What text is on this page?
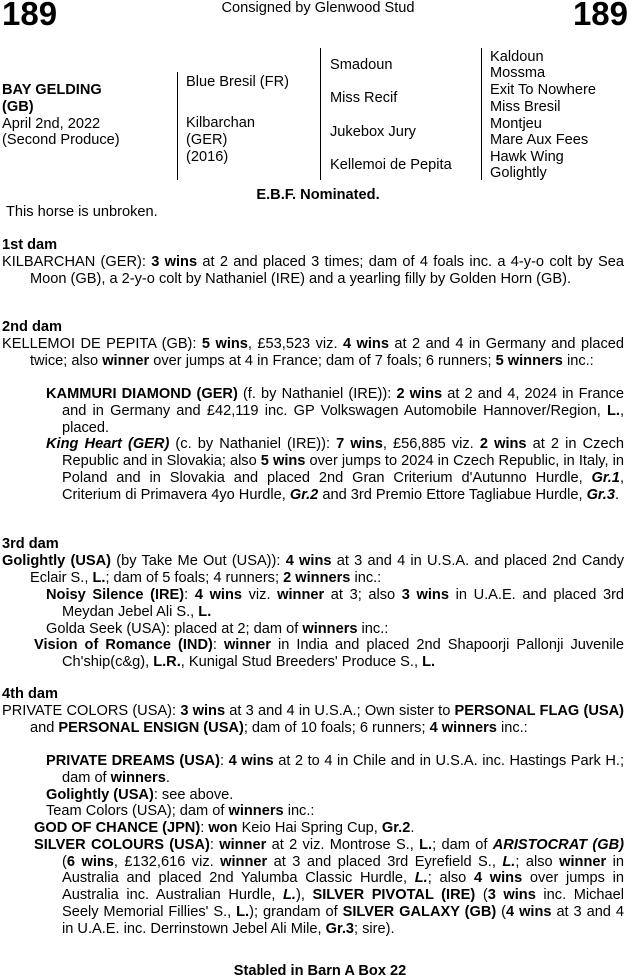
189	Consigned by Glenwood Stud	189
BAY GELDING
(GB)
April 2nd, 2022
(Second Produce)
Blue Bresil (FR)
Kilbarchan
(GER)
(2016)
Smadoun
Miss Recif
Jukebox Jury
Kellemoi de Pepita
Kaldoun
Mossma
Exit To Nowhere
Miss Bresil
Montjeu
Mare Aux Fees
Hawk Wing
Golightly
E.B.F. Nominated.
This horse is unbroken.
1st dam

KILBARCHAN (GER): 3 wins at 2 and placed 3 times; dam of 4 foals inc. a 4-y-o colt by Sea Moon (GB), a 2-y-o colt by Nathaniel (IRE) and a yearling filly by Golden Horn (GB).

2nd dam

KELLEMOI DE PEPITA (GB): 5 wins, £53,523 viz. 4 wins at 2 and 4 in Germany and placed twice; also winner over jumps at 4 in France; dam of 7 foals; 6 runners; 5 winners inc.:

KAMMURI DIAMOND (GER) (f. by Nathaniel (IRE)): 2 wins at 2 and 4, 2024 in France and in Germany and £42,119 inc. GP Volkswagen Automobile Hannover/Region, L., placed.

King Heart (GER) (c. by Nathaniel (IRE)): 7 wins, £56,885 viz. 2 wins at 2 in Czech Republic and in Slovakia; also 5 wins over jumps to 2024 in Czech Republic, in Italy, in Poland and in Slovakia and placed 2nd Gran Criterium d'Autunno Hurdle, Gr.1, Criterium di Primavera 4yo Hurdle, Gr.2 and 3rd Premio Ettore Tagliabue Hurdle, Gr.3.

3rd dam

Golightly (USA) (by Take Me Out (USA)): 4 wins at 3 and 4 in U.S.A. and placed 2nd Candy Eclair S., L.; dam of 5 foals; 4 runners; 2 winners inc.:

Noisy Silence (IRE): 4 wins viz. winner at 3; also 3 wins in U.A.E. and placed 3rd Meydan Jebel Ali S., L.

Golda Seek (USA): placed at 2; dam of winners inc.:

Vision of Romance (IND): winner in India and placed 2nd Shapoorji Pallonji Juvenile Ch'ship(c&g), L.R., Kunigal Stud Breeders' Produce S., L.

4th dam

PRIVATE COLORS (USA): 3 wins at 3 and 4 in U.S.A.; Own sister to PERSONAL FLAG (USA) and PERSONAL ENSIGN (USA); dam of 10 foals; 6 runners; 4 winners inc.:

PRIVATE DREAMS (USA): 4 wins at 2 to 4 in Chile and in U.S.A. inc. Hastings Park H.; dam of winners.

Golightly (USA): see above.

Team Colors (USA); dam of winners inc.:

GOD OF CHANCE (JPN): won Keio Hai Spring Cup, Gr.2.

SILVER COLOURS (USA): winner at 2 viz. Montrose S., L.; dam of ARISTOCRAT (GB) (6 wins, £132,616 viz. winner at 3 and placed 3rd Eyrefield S., L.; also winner in Australia and placed 2nd Yalumba Classic Hurdle, L.; also 4 wins over jumps in Australia inc. Australian Hurdle, L.), SILVER PIVOTAL (IRE) (3 wins inc. Michael Seely Memorial Fillies' S., L.); grandam of SILVER GALAXY (GB) (4 wins at 3 and 4 in U.A.E. inc. Derrinstown Jebel Ali Mile, Gr.3; sire).

Stabled in Barn A Box 22
